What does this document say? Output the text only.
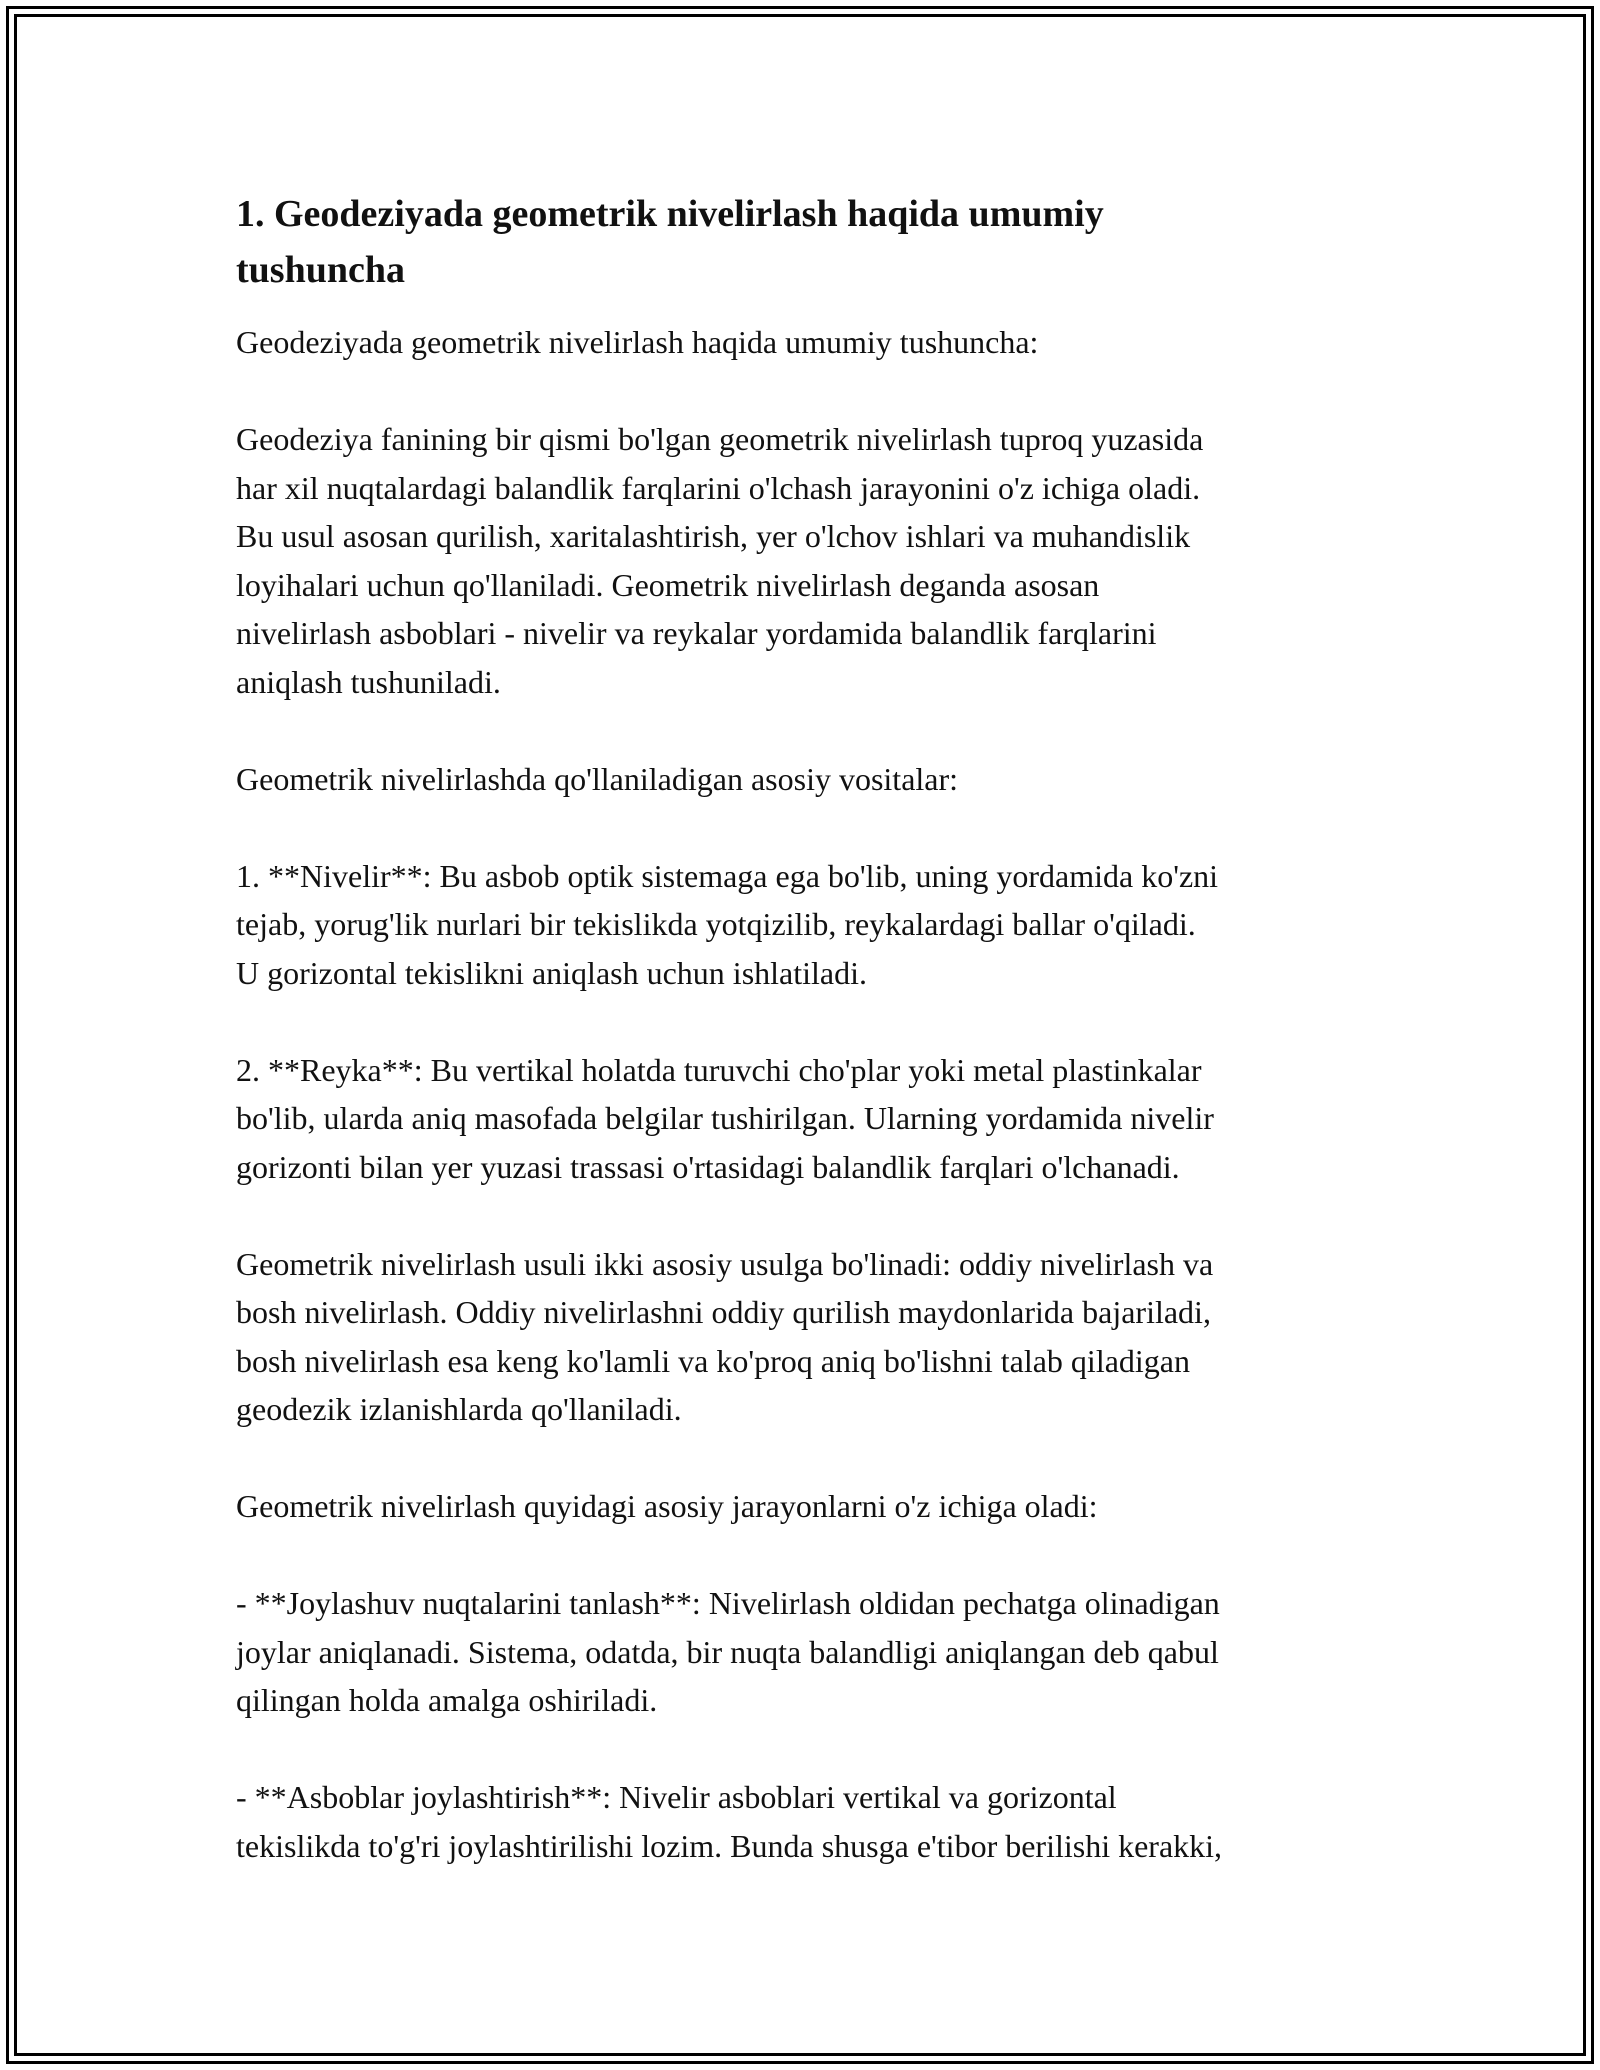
1. Geodeziyada geometrik nivelirlash haqida umumiy
tushuncha

Geodeziyada geometrik nivelirlash haqida umumiy tushuncha:

Geodeziya fanining bir qismi bo'lgan geometrik nivelirlash tuproq yuzasida
har xil nuqtalardagi balandlik farqlarini o'lchash jarayonini o'z ichiga oladi.
Bu usul asosan qurilish, xaritalashtirish, yer o'lchov ishlari va muhandislik
loyihalari uchun qo'llaniladi. Geometrik nivelirlash deganda asosan
nivelirlash asboblari - nivelir va reykalar yordamida balandlik farqlarini
aniqlash tushuniladi.

Geometrik nivelirlashda qo'llaniladigan asosiy vositalar:

1. **Nivelir**: Bu asbob optik sistemaga ega bo'lib, uning yordamida ko'zni
tejab, yorug'lik nurlari bir tekislikda yotqizilib, reykalardagi ballar o'qiladi.
U gorizontal tekislikni aniqlash uchun ishlatiladi.

2. **Reyka**: Bu vertikal holatda turuvchi cho'plar yoki metal plastinkalar
bo'lib, ularda aniq masofada belgilar tushirilgan. Ularning yordamida nivelir
gorizonti bilan yer yuzasi trassasi o'rtasidagi balandlik farqlari o'lchanadi.

Geometrik nivelirlash usuli ikki asosiy usulga bo'linadi: oddiy nivelirlash va
bosh nivelirlash. Oddiy nivelirlashni oddiy qurilish maydonlarida bajariladi,
bosh nivelirlash esa keng ko'lamli va ko'proq aniq bo'lishni talab qiladigan
geodezik izlanishlarda qo'llaniladi.

Geometrik nivelirlash quyidagi asosiy jarayonlarni o'z ichiga oladi:

- **Joylashuv nuqtalarini tanlash**: Nivelirlash oldidan pechatga olinadigan
joylar aniqlanadi. Sistema, odatda, bir nuqta balandligi aniqlangan deb qabul
qilingan holda amalga oshiriladi.

- **Asboblar joylashtirish**: Nivelir asboblari vertikal va gorizontal
tekislikda to'g'ri joylashtirilishi lozim. Bunda shusga e'tibor berilishi kerakki,
